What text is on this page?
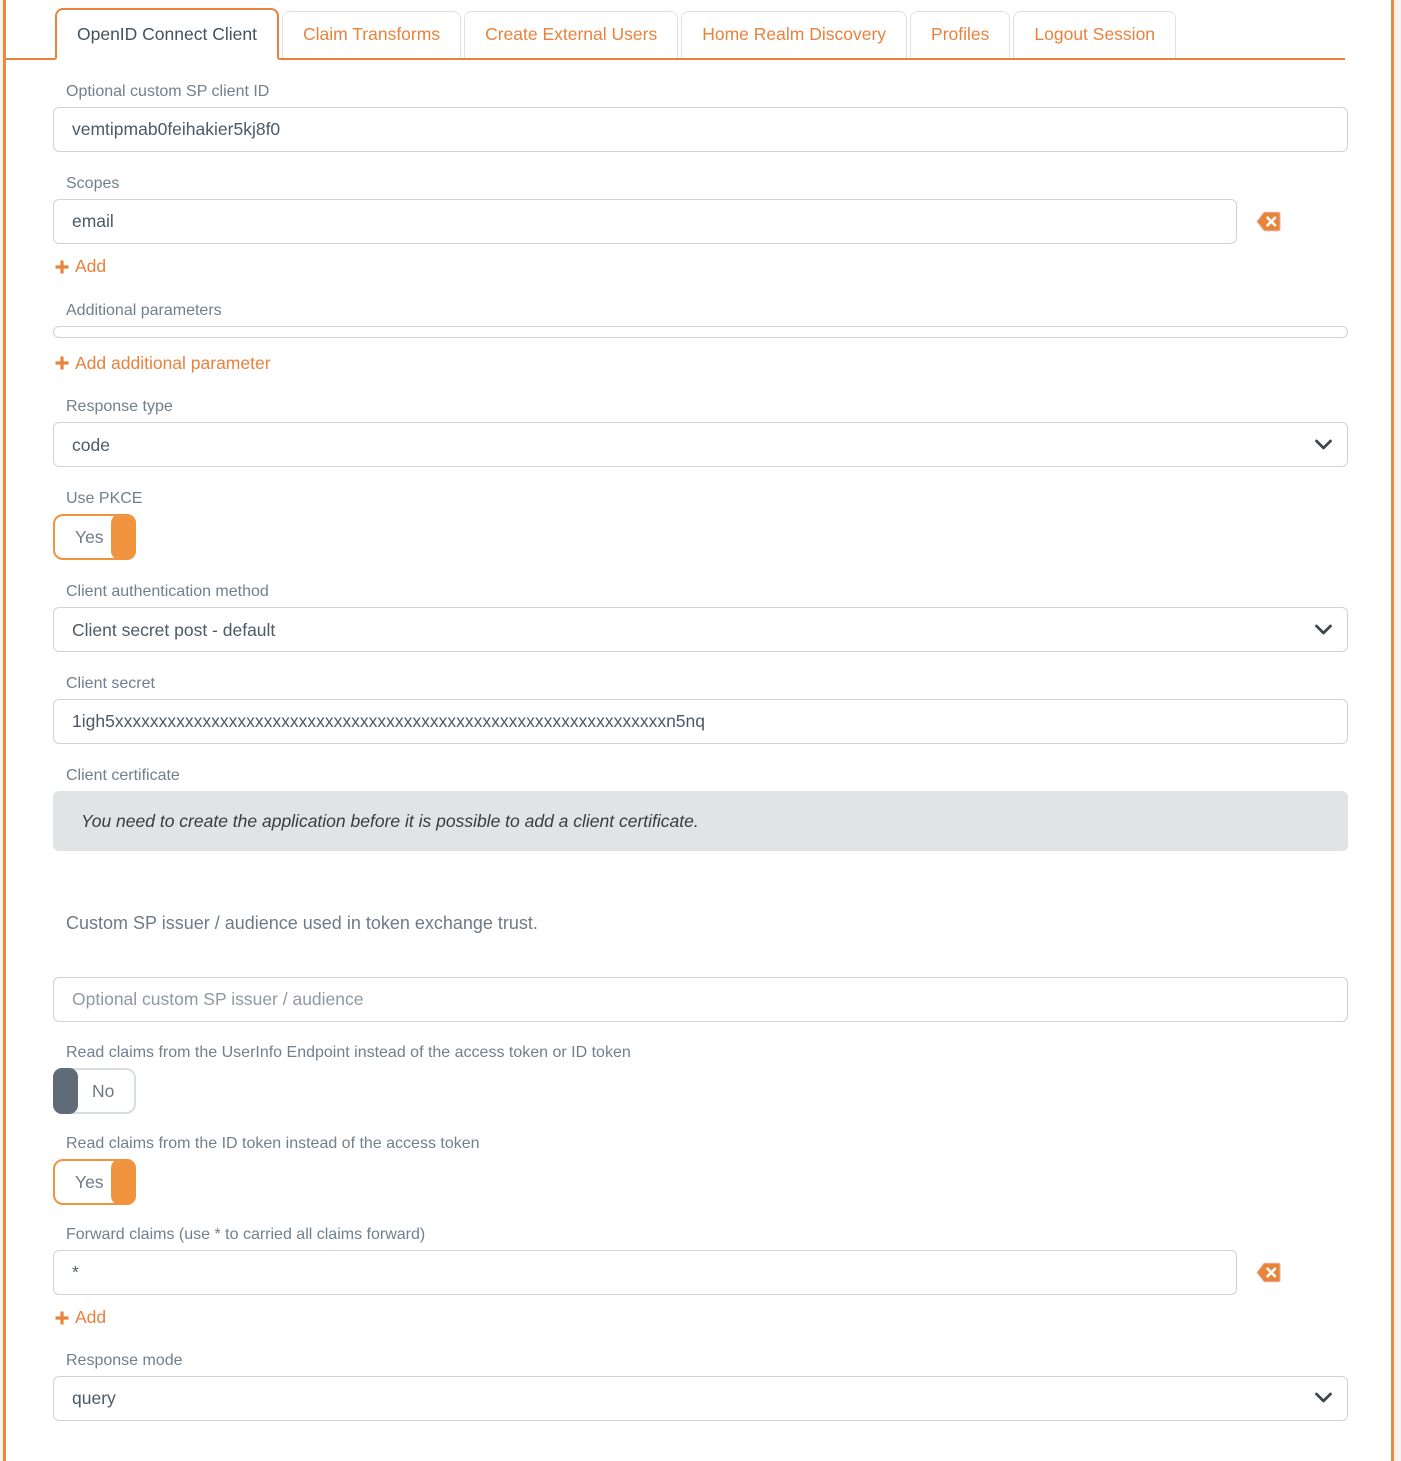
OpenID Connect Client	Claim Transforms	Create External Users	Home Realm Discovery	Profiles	Logout Session
Optional custom SP client ID
vemtipmab0feihakier5kj8f0
Scopes
email
Add
Additional parameters
Add additional parameter
Response type
code
Use PKCE
Yes
Client authentication method
Client secret post - default
Client secret
1igh5xxxxxxxxxxxxxxxxxxxxxxxxxxxxxxxxxxxxxxxxxxxxxxxxxxxxxxxxxxxxxxxn5nq
Client certificate
You need to create the application before it is possible to add a client certificate.

Custom SP issuer / audience used in token exchange trust.

Optional custom SP issuer / audience
Read claims from the UserInfo Endpoint instead of the access token or ID token
No
Read claims from the ID token instead of the access token
Yes
Forward claims (use * to carried all claims forward)
*
Add
Response mode
query
